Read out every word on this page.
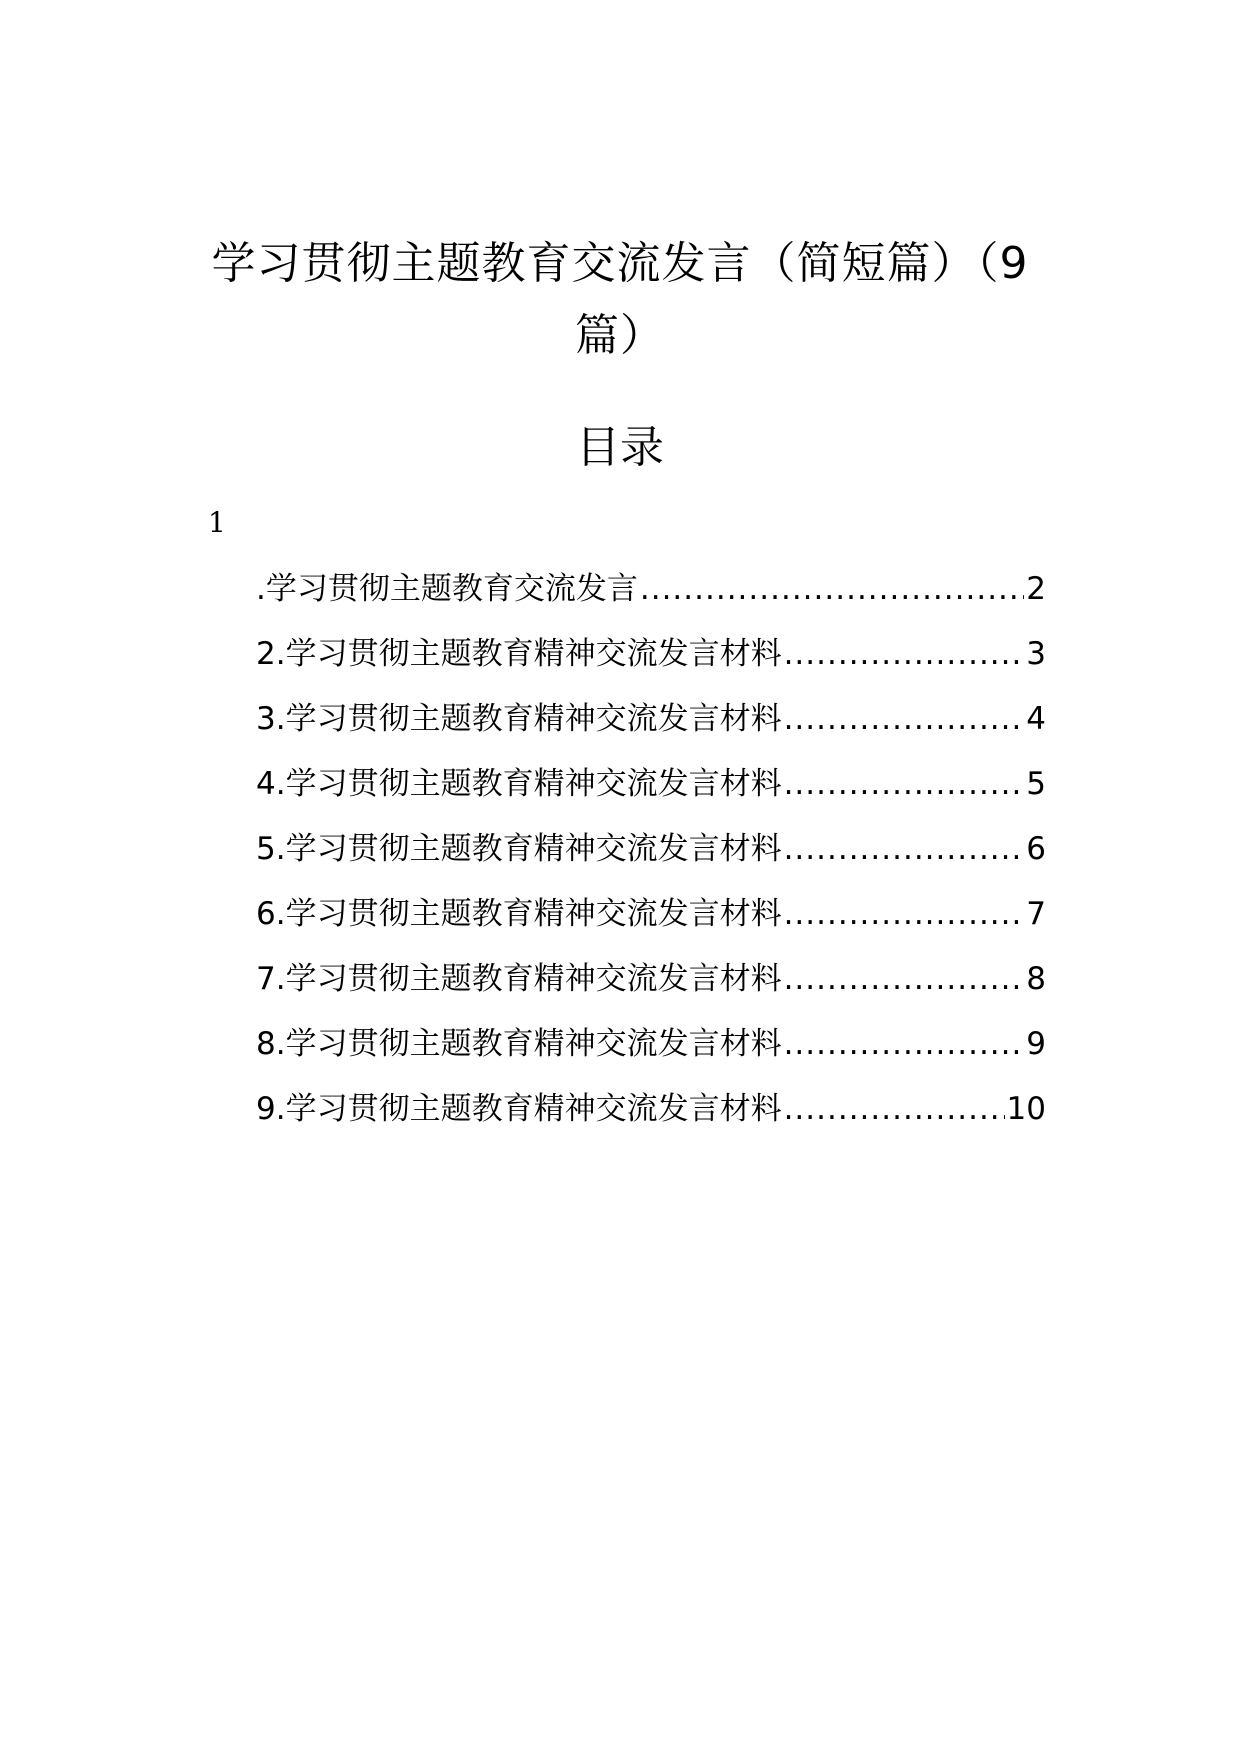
学习贯彻主题教育交流发言（简短篇）（9
篇）
目录
1
.学习贯彻主题教育交流发言 .....	2
2.学习贯彻主题教育精神交流发言材料 .....	3
3.学习贯彻主题教育精神交流发言材料 .....	4
4.学习贯彻主题教育精神交流发言材料 .....	5
5.学习贯彻主题教育精神交流发言材料 .....	6
6.学习贯彻主题教育精神交流发言材料 .....	7
7.学习贯彻主题教育精神交流发言材料 .....	8
8.学习贯彻主题教育精神交流发言材料 .....	9
9.学习贯彻主题教育精神交流发言材料 .....	10
